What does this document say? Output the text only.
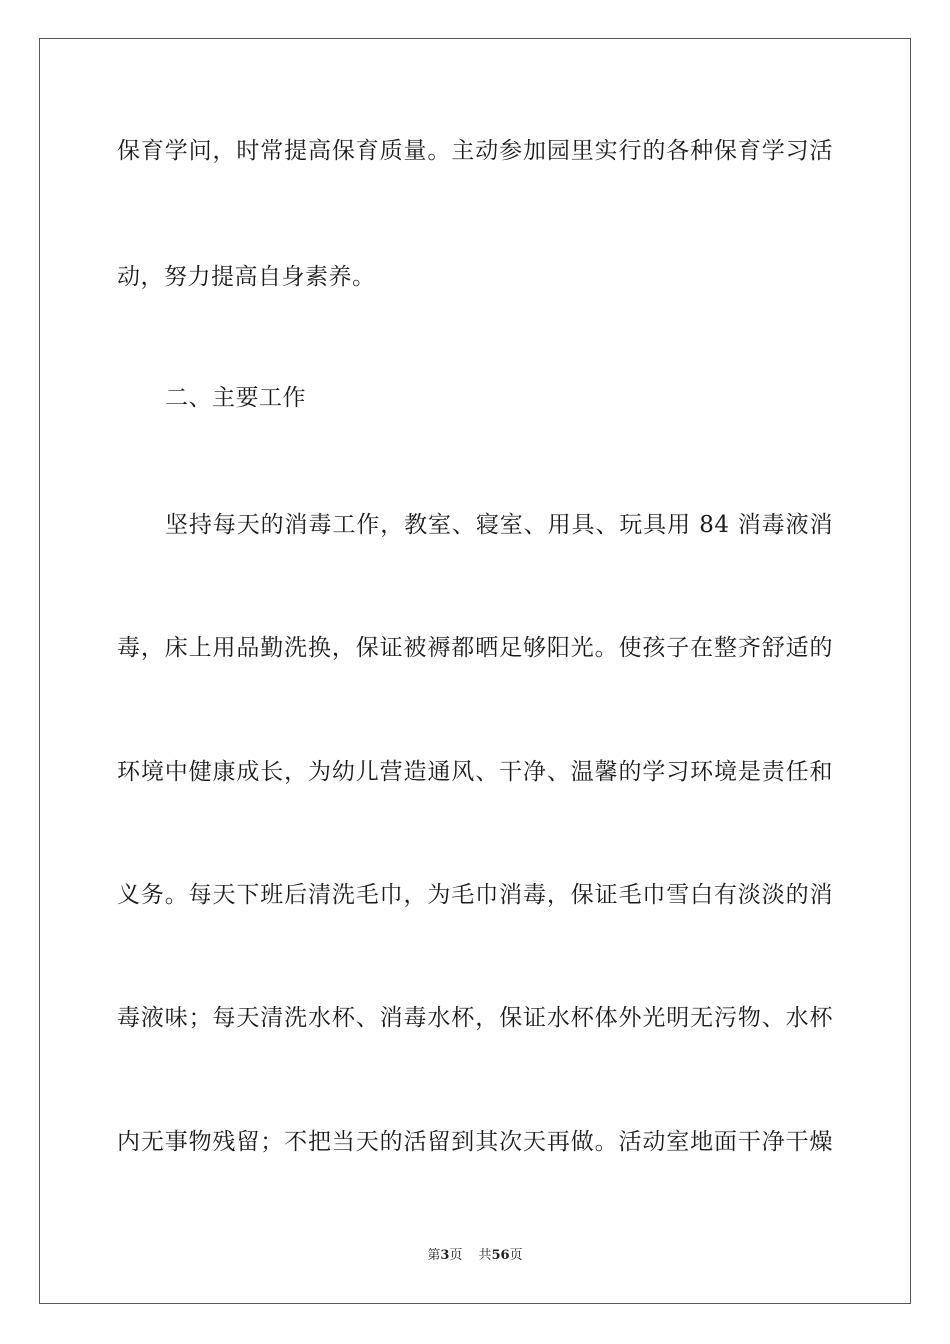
保育学问，时常提高保育质量。主动参加园里实行的各种保育学习活
动，努力提高自身素养。
二、主要工作
坚持每天的消毒工作，教室、寝室、用具、玩具用 84 消毒液消
毒，床上用品勤洗换，保证被褥都晒足够阳光。使孩子在整齐舒适的
环境中健康成长，为幼儿营造通风、干净、温馨的学习环境是责任和
义务。每天下班后清洗毛巾，为毛巾消毒，保证毛巾雪白有淡淡的消
毒液味；每天清洗水杯、消毒水杯，保证水杯体外光明无污物、水杯
内无事物残留；不把当天的活留到其次天再做。活动室地面干净干燥
第3页 共56页
